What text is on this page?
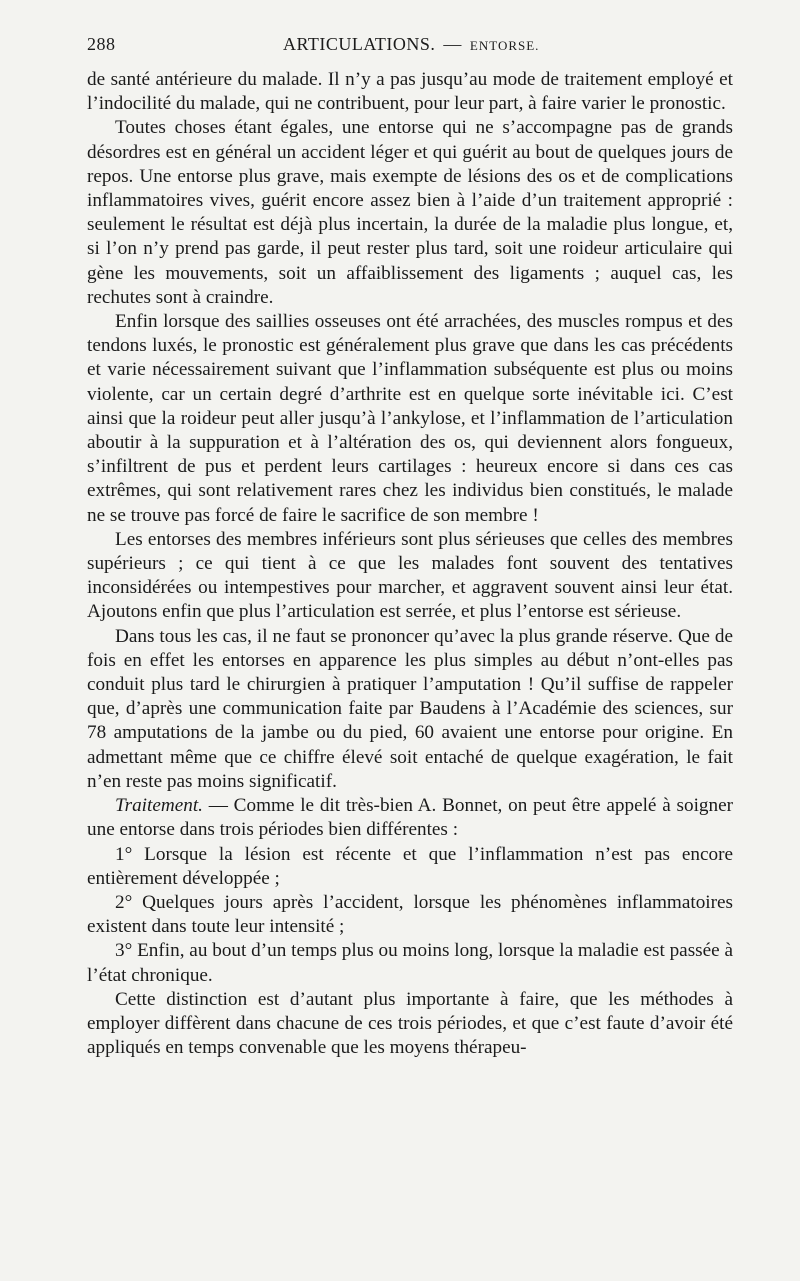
288	ARTICULATIONS. — ENTORSE.

de santé antérieure du malade. Il n’y a pas jusqu’au mode de traitement employé et l’indocilité du malade, qui ne contribuent, pour leur part, à faire varier le pronostic.

Toutes choses étant égales, une entorse qui ne s’accompagne pas de grands désordres est en général un accident léger et qui guérit au bout de quelques jours de repos. Une entorse plus grave, mais exempte de lésions des os et de complications inflammatoires vives, guérit encore assez bien à l’aide d’un traitement approprié : seulement le résultat est déjà plus incertain, la durée de la maladie plus longue, et, si l’on n’y prend pas garde, il peut rester plus tard, soit une roideur articulaire qui gène les mouvements, soit un affaiblissement des ligaments ; auquel cas, les rechutes sont à craindre.

Enfin lorsque des saillies osseuses ont été arrachées, des muscles rompus et des tendons luxés, le pronostic est généralement plus grave que dans les cas précédents et varie nécessairement suivant que l’inflammation subséquente est plus ou moins violente, car un certain degré d’arthrite est en quelque sorte inévitable ici. C’est ainsi que la roideur peut aller jusqu’à l’ankylose, et l’inflammation de l’articulation aboutir à la suppuration et à l’altération des os, qui deviennent alors fongueux, s’infiltrent de pus et perdent leurs cartilages : heureux encore si dans ces cas extrêmes, qui sont relativement rares chez les individus bien constitués, le malade ne se trouve pas forcé de faire le sacrifice de son membre !

Les entorses des membres inférieurs sont plus sérieuses que celles des membres supérieurs ; ce qui tient à ce que les malades font souvent des tentatives inconsidérées ou intempestives pour marcher, et aggravent souvent ainsi leur état. Ajoutons enfin que plus l’articulation est serrée, et plus l’entorse est sérieuse.

Dans tous les cas, il ne faut se prononcer qu’avec la plus grande réserve. Que de fois en effet les entorses en apparence les plus simples au début n’ont-elles pas conduit plus tard le chirurgien à pratiquer l’amputation ! Qu’il suffise de rappeler que, d’après une communication faite par Baudens à l’Académie des sciences, sur 78 amputations de la jambe ou du pied, 60 avaient une entorse pour origine. En admettant même que ce chiffre élevé soit entaché de quelque exagération, le fait n’en reste pas moins significatif.

Traitement. — Comme le dit très-bien A. Bonnet, on peut être appelé à soigner une entorse dans trois périodes bien différentes :

1° Lorsque la lésion est récente et que l’inflammation n’est pas encore entièrement développée ;

2° Quelques jours après l’accident, lorsque les phénomènes inflammatoires existent dans toute leur intensité ;

3° Enfin, au bout d’un temps plus ou moins long, lorsque la maladie est passée à l’état chronique.

Cette distinction est d’autant plus importante à faire, que les méthodes à employer diffèrent dans chacune de ces trois périodes, et que c’est faute d’avoir été appliqués en temps convenable que les moyens thérapeu-
